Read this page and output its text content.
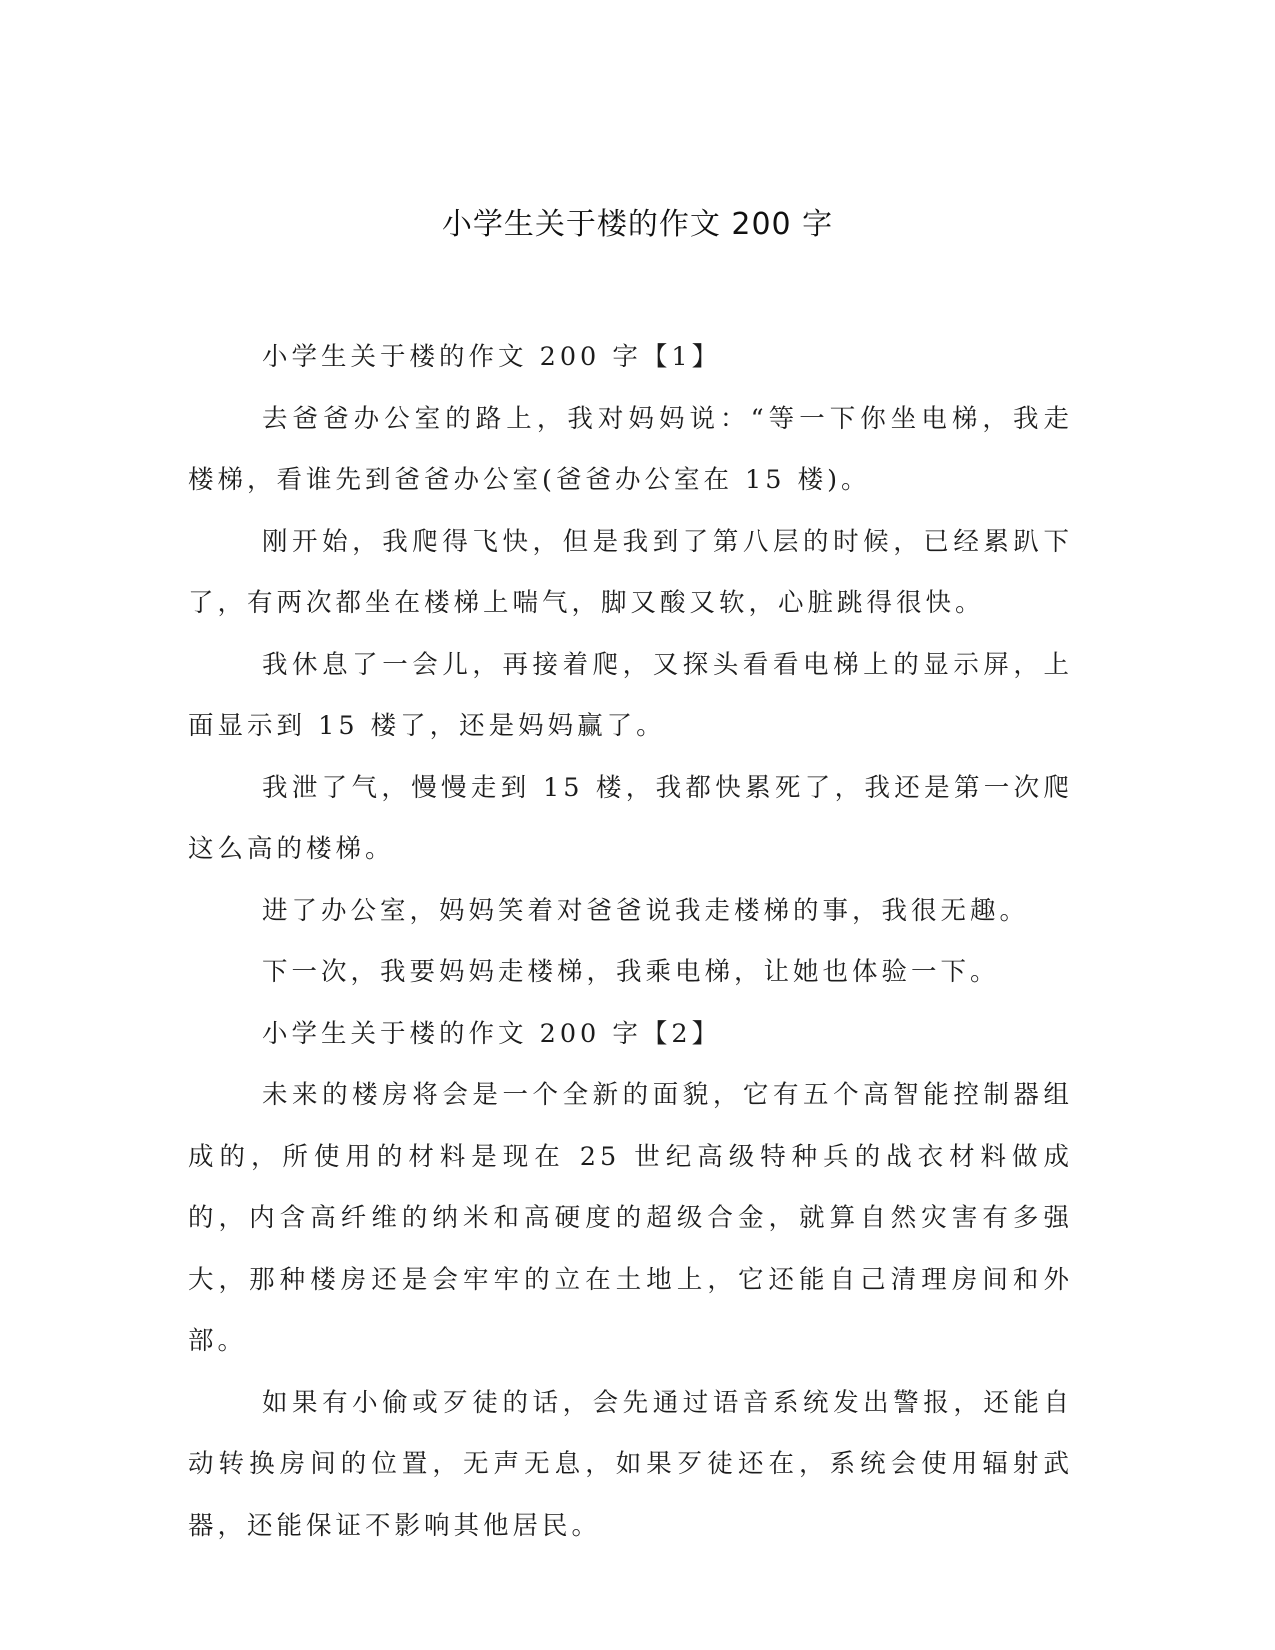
小学生关于楼的作文 200 字

小学生关于楼的作文 200 字【1】

去爸爸办公室的路上，我对妈妈说：“等一下你坐电梯，我走楼梯，看谁先到爸爸办公室(爸爸办公室在 15 楼)。

刚开始，我爬得飞快，但是我到了第八层的时候，已经累趴下了，有两次都坐在楼梯上喘气，脚又酸又软，心脏跳得很快。

我休息了一会儿，再接着爬，又探头看看电梯上的显示屏，上面显示到 15 楼了，还是妈妈赢了。

我泄了气，慢慢走到 15 楼，我都快累死了，我还是第一次爬这么高的楼梯。

进了办公室，妈妈笑着对爸爸说我走楼梯的事，我很无趣。

下一次，我要妈妈走楼梯，我乘电梯，让她也体验一下。

小学生关于楼的作文 200 字【2】

未来的楼房将会是一个全新的面貌，它有五个高智能控制器组成的，所使用的材料是现在 25 世纪高级特种兵的战衣材料做成的，内含高纤维的纳米和高硬度的超级合金，就算自然灾害有多强大，那种楼房还是会牢牢的立在土地上，它还能自己清理房间和外部。

如果有小偷或歹徒的话，会先通过语音系统发出警报，还能自动转换房间的位置，无声无息，如果歹徒还在，系统会使用辐射武器，还能保证不影响其他居民。
